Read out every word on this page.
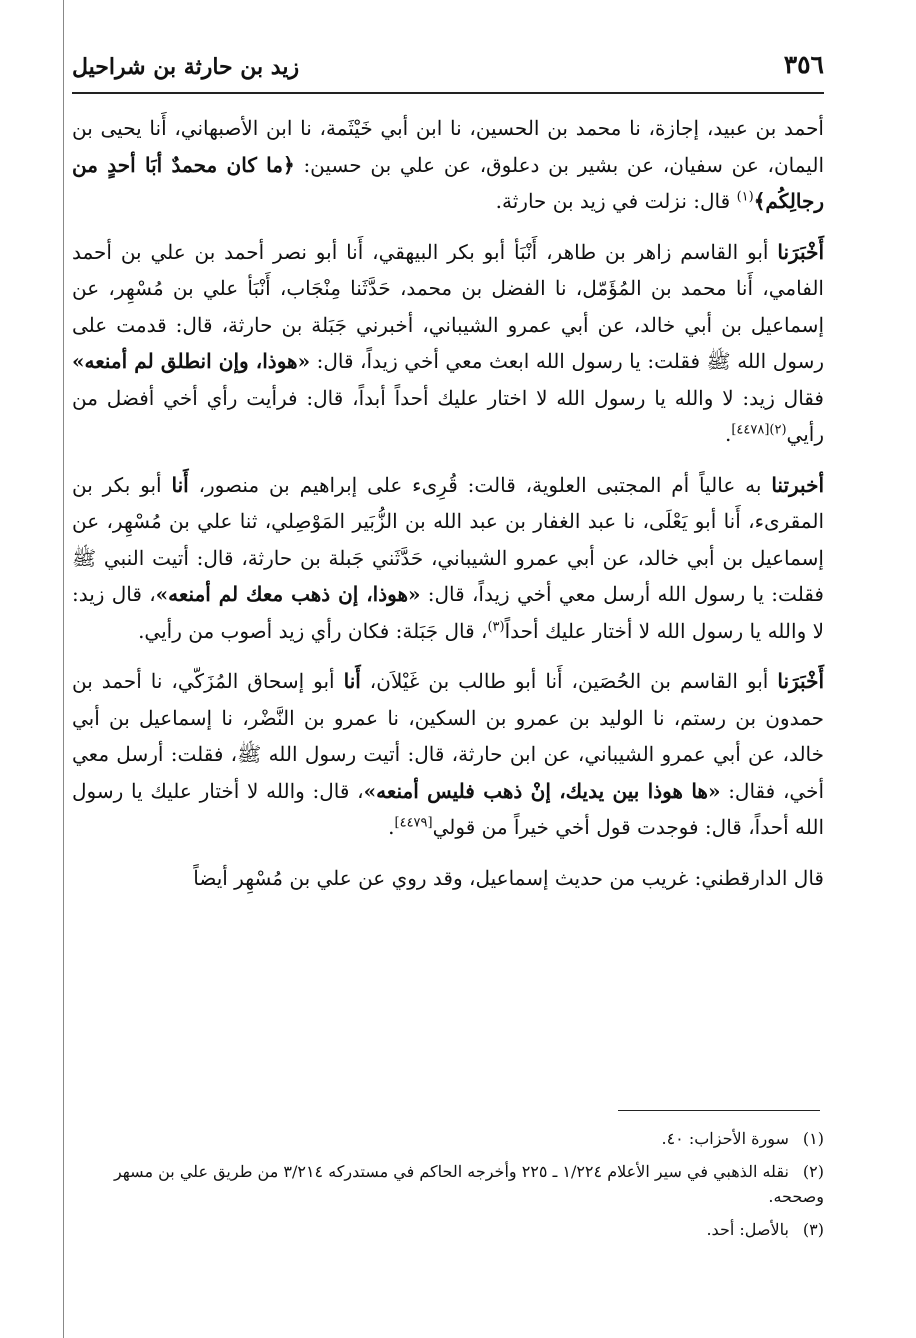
٣٥٦
زيد بن حارثة بن شراحيل

أحمد بن عبيد، إجازة، نا محمد بن الحسين، نا ابن أبي خَيْثَمة، نا ابن الأصبهاني، أَنا يحيى بن اليمان، عن سفيان، عن بشير بن دعلوق، عن علي بن حسين: ﴿ما كان محمدٌ أبَا أحدٍ من رجالِكُم﴾$^{(١)}$ قال: نزلت في زيد بن حارثة.

أَخْبَرَنا أبو القاسم زاهر بن طاهر، أَنْبَأ أبو بكر البيهقي، أَنا أبو نصر أحمد بن علي بن أحمد الفامي، أَنا محمد بن المُؤَمّل، نا الفضل بن محمد، حَدَّثَنا مِنْجَاب، أَنْبَأ علي بن مُسْهِر، عن إسماعيل بن أبي خالد، عن أبي عمرو الشيباني، أخبرني جَبَلة بن حارثة، قال: قدمت على رسول الله ﷺ فقلت: يا رسول الله ابعث معي أخي زيداً، قال: «هوذا، وإن انطلق لم أمنعه» فقال زيد: لا والله يا رسول الله لا اختار عليك أحداً أبداً، قال: فرأيت رأي أخي أفضل من رأيي$^{(٢)[٤٤٧٨]}$.

أخبرتنا به عالياً أم المجتبى العلوية، قالت: قُرِىء على إبراهيم بن منصور، أَنا أبو بكر بن المقرىء، أَنا أبو يَعْلَى، نا عبد الغفار بن عبد الله بن الزُّبَير المَوْصِلي، ثنا علي بن مُسْهِر، عن إسماعيل بن أبي خالد، عن أبي عمرو الشيباني، حَدَّثَني جَبلة بن حارثة، قال: أتيت النبي ﷺ فقلت: يا رسول الله أرسل معي أخي زيداً، قال: «هوذا، إن ذهب معك لم أمنعه»، قال زيد: لا والله يا رسول الله لا أختار عليك أحداً$^{(٣)}$، قال جَبَلة: فكان رأي زيد أصوب من رأيي.

أَخْبَرَنا أبو القاسم بن الحُصَين، أَنا أبو طالب بن غَيْلاَن، أَنا أبو إسحاق المُزَكّي، نا أحمد بن حمدون بن رستم، نا الوليد بن عمرو بن السكين، نا عمرو بن النَّضْر، نا إسماعيل بن أبي خالد، عن أبي عمرو الشيباني، عن ابن حارثة، قال: أتيت رسول الله ﷺ، فقلت: أرسل معي أخي، فقال: «ها هوذا بين يديك، إنْ ذهب فليس أمنعه»، قال: والله لا أختار عليك يا رسول الله أحداً، قال: فوجدت قول أخي خيراً من قولي[٤٤٧٩].

قال الدارقطني: غريب من حديث إسماعيل، وقد روي عن علي بن مُسْهِر أيضاً

(١)سورة الأحزاب: ٤٠.
(٢)نقله الذهبي في سير الأعلام ١/٢٢٤ ـ ٢٢٥ وأخرجه الحاكم في مستدركه ٣/٢١٤ من طريق علي بن مسهر وصححه.
(٣)بالأصل: أحد.
